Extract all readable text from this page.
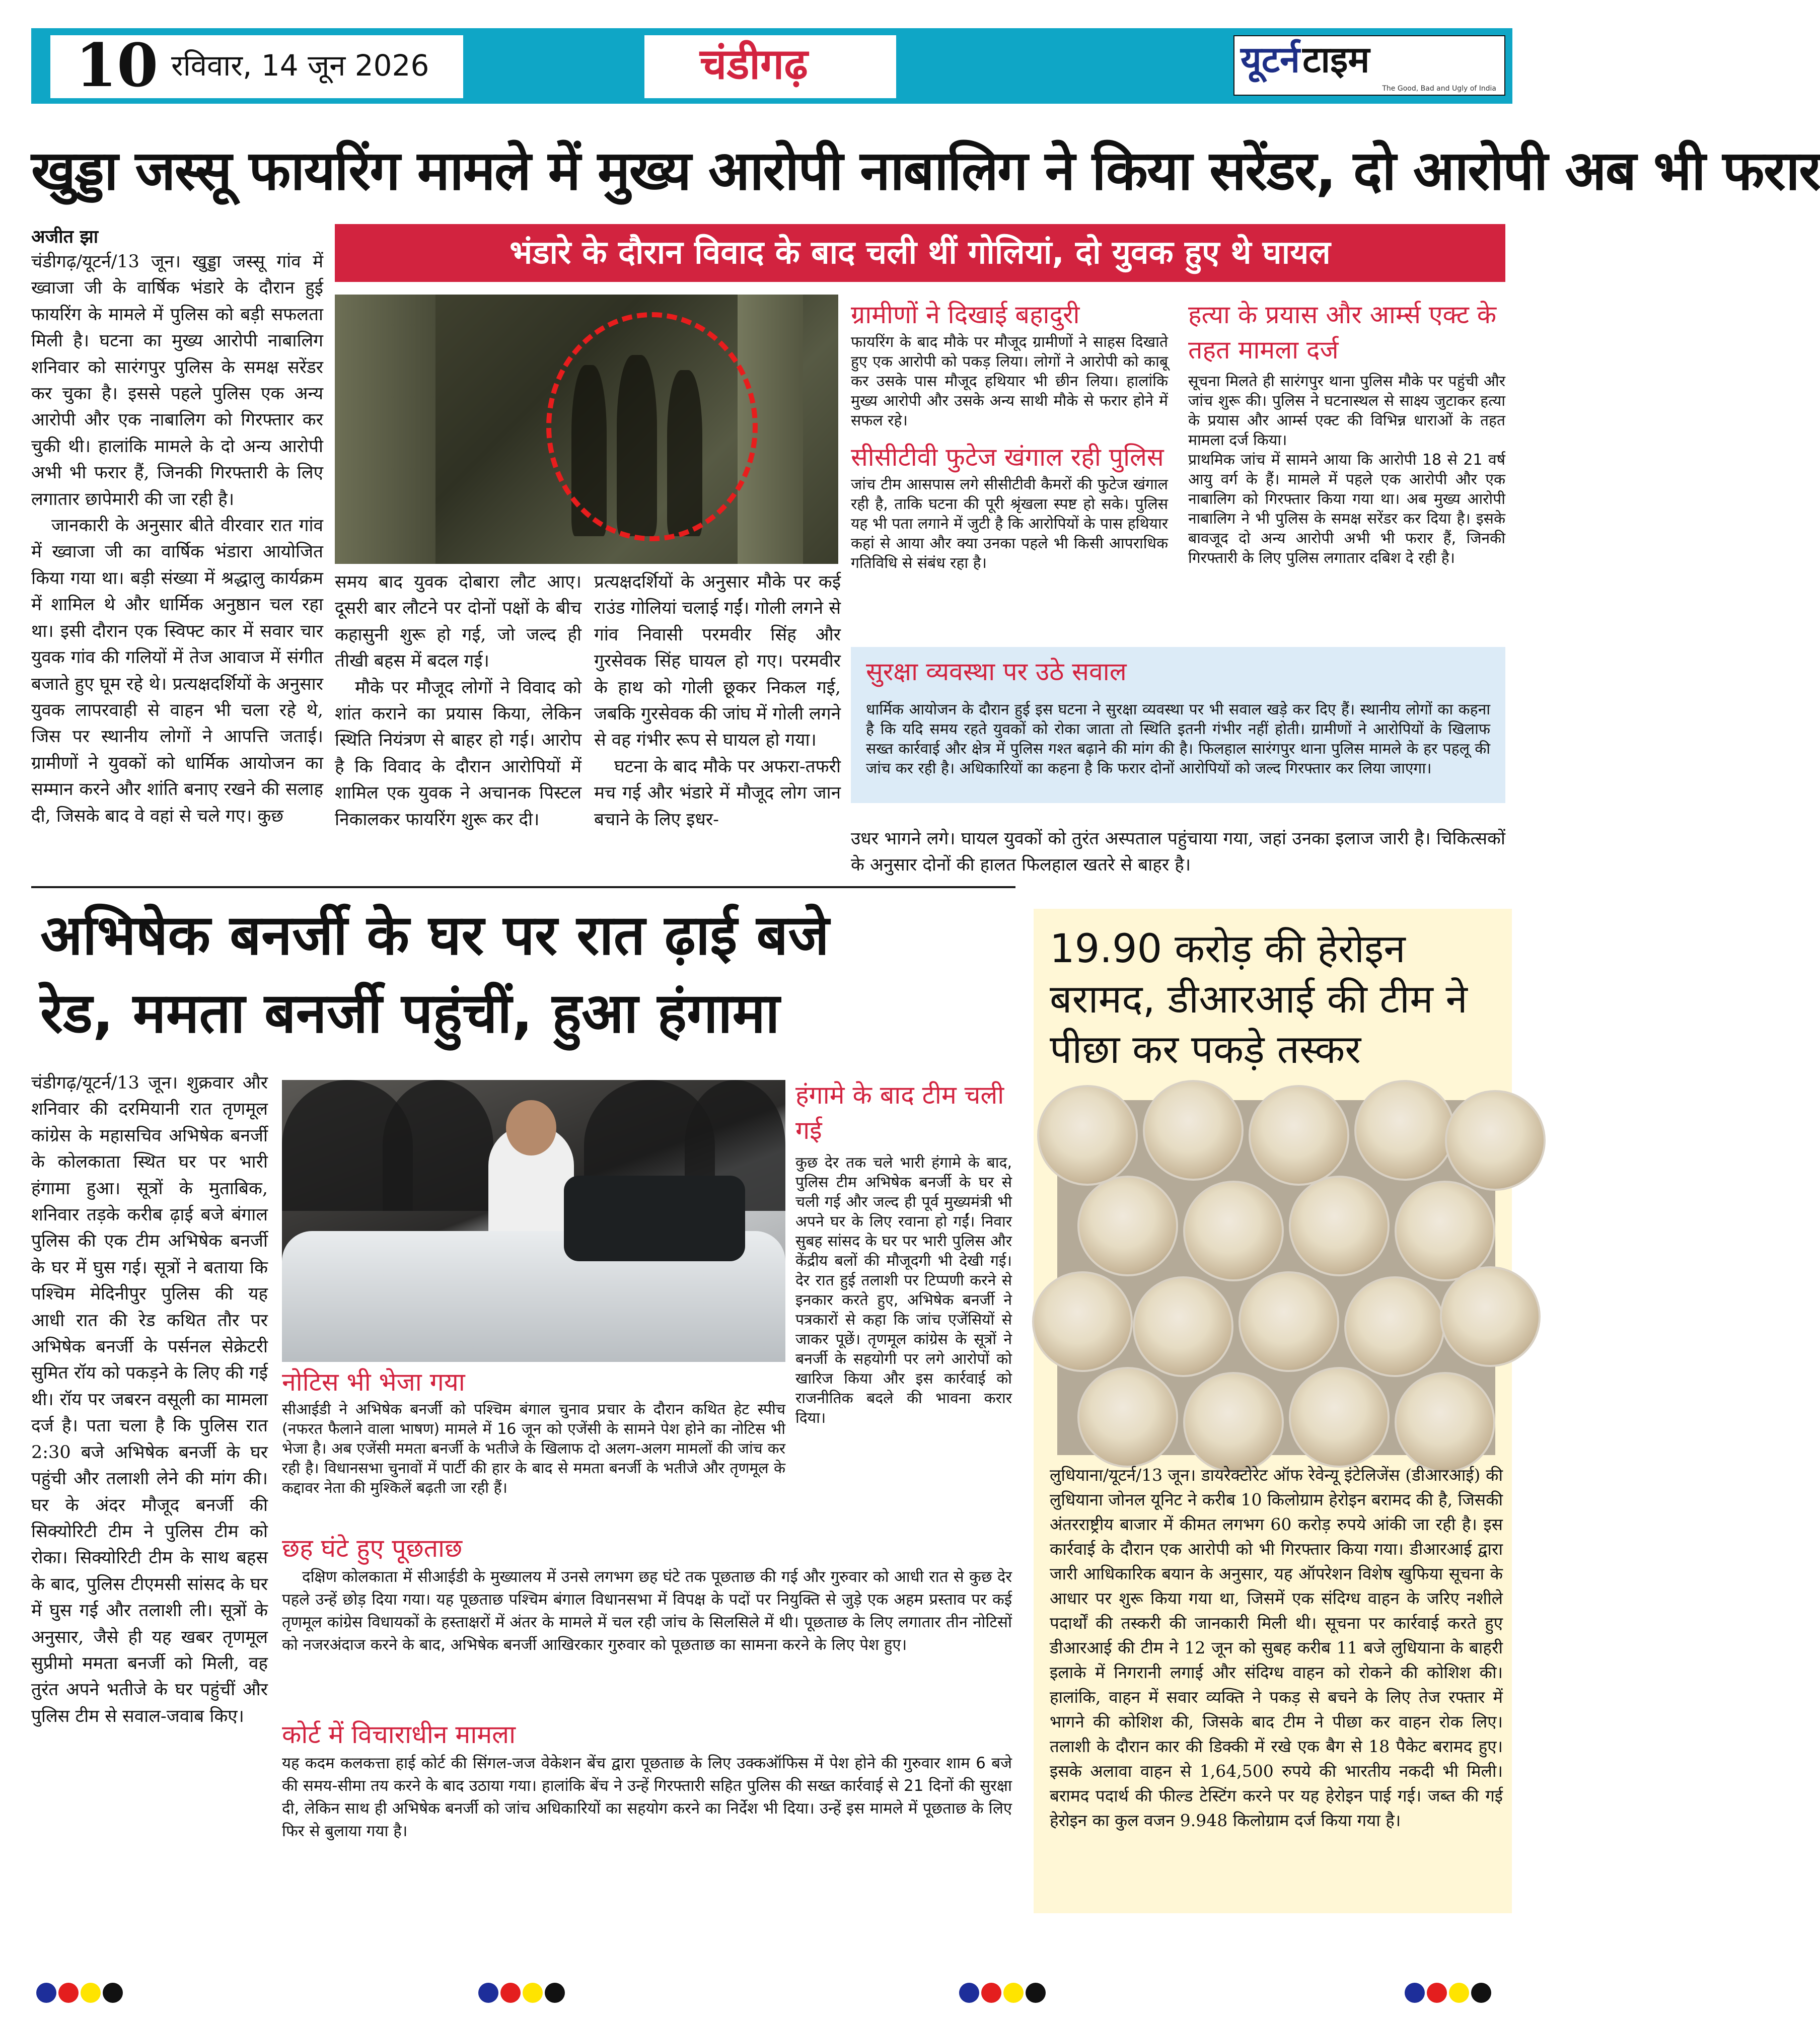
10 रविवार, 14 जून 2026	चंडीगढ़	यूटर्न टाइम
The Good, Bad and Ugly of India
खुड्डा जस्सू फायरिंग मामले में मुख्य आरोपी नाबालिग ने किया सरेंडर, दो आरोपी अब भी फरार
अजीत झा

चंडीगढ़/यूटर्न/13 जून। खुड्डा जस्सू गांव में ख्वाजा जी के वार्षिक भंडारे के दौरान हुई फायरिंग के मामले में पुलिस को बड़ी सफलता मिली है। घटना का मुख्य आरोपी नाबालिग शनिवार को सारंगपुर पुलिस के समक्ष सरेंडर कर चुका है। इससे पहले पुलिस एक अन्य आरोपी और एक नाबालिग को गिरफ्तार कर चुकी थी। हालांकि मामले के दो अन्य आरोपी अभी भी फरार हैं, जिनकी गिरफ्तारी के लिए लगातार छापेमारी की जा रही है।

जानकारी के अनुसार बीते वीरवार रात गांव में ख्वाजा जी का वार्षिक भंडारा आयोजित किया गया था। बड़ी संख्या में श्रद्धालु कार्यक्रम में शामिल थे और धार्मिक अनुष्ठान चल रहा था। इसी दौरान एक स्विफ्ट कार में सवार चार युवक गांव की गलियों में तेज आवाज में संगीत बजाते हुए घूम रहे थे। प्रत्यक्षदर्शियों के अनुसार युवक लापरवाही से वाहन भी चला रहे थे, जिस पर स्थानीय लोगों ने आपत्ति जताई। ग्रामीणों ने युवकों को धार्मिक आयोजन का सम्मान करने और शांति बनाए रखने की सलाह दी, जिसके बाद वे वहां से चले गए। कुछ

भंडारे के दौरान विवाद के बाद चली थीं गोलियां, दो युवक हुए थे घायल

समय बाद युवक दोबारा लौट आए। दूसरी बार लौटने पर दोनों पक्षों के बीच कहासुनी शुरू हो गई, जो जल्द ही तीखी बहस में बदल गई।

मौके पर मौजूद लोगों ने विवाद को शांत कराने का प्रयास किया, लेकिन स्थिति नियंत्रण से बाहर हो गई। आरोप है कि विवाद के दौरान आरोपियों में शामिल एक युवक ने अचानक पिस्टल निकालकर फायरिंग शुरू कर दी।

प्रत्यक्षदर्शियों के अनुसार मौके पर कई राउंड गोलियां चलाई गईं। गोली लगने से गांव निवासी परमवीर सिंह और गुरसेवक सिंह घायल हो गए। परमवीर के हाथ को गोली छूकर निकल गई, जबकि गुरसेवक की जांघ में गोली लगने से वह गंभीर रूप से घायल हो गया।

घटना के बाद मौके पर अफरा-तफरी मच गई और भंडारे में मौजूद लोग जान बचाने के लिए इधर-

ग्रामीणों ने दिखाई बहादुरी

फायरिंग के बाद मौके पर मौजूद ग्रामीणों ने साहस दिखाते हुए एक आरोपी को पकड़ लिया। लोगों ने आरोपी को काबू कर उसके पास मौजूद हथियार भी छीन लिया। हालांकि मुख्य आरोपी और उसके अन्य साथी मौके से फरार होने में सफल रहे।

सीसीटीवी फुटेज खंगाल रही पुलिस

जांच टीम आसपास लगे सीसीटीवी कैमरों की फुटेज खंगाल रही है, ताकि घटना की पूरी श्रृंखला स्पष्ट हो सके। पुलिस यह भी पता लगाने में जुटी है कि आरोपियों के पास हथियार कहां से आया और क्या उनका पहले भी किसी आपराधिक गतिविधि से संबंध रहा है।

हत्या के प्रयास और आर्म्स एक्ट के तहत मामला दर्ज

सूचना मिलते ही सारंगपुर थाना पुलिस मौके पर पहुंची और जांच शुरू की। पुलिस ने घटनास्थल से साक्ष्य जुटाकर हत्या के प्रयास और आर्म्स एक्ट की विभिन्न धाराओं के तहत मामला दर्ज किया।

प्राथमिक जांच में सामने आया कि आरोपी 18 से 21 वर्ष आयु वर्ग के हैं। मामले में पहले एक आरोपी और एक नाबालिग को गिरफ्तार किया गया था। अब मुख्य आरोपी नाबालिग ने भी पुलिस के समक्ष सरेंडर कर दिया है। इसके बावजूद दो अन्य आरोपी अभी भी फरार हैं, जिनकी गिरफ्तारी के लिए पुलिस लगातार दबिश दे रही है।

सुरक्षा व्यवस्था पर उठे सवाल

धार्मिक आयोजन के दौरान हुई इस घटना ने सुरक्षा व्यवस्था पर भी सवाल खड़े कर दिए हैं। स्थानीय लोगों का कहना है कि यदि समय रहते युवकों को रोका जाता तो स्थिति इतनी गंभीर नहीं होती। ग्रामीणों ने आरोपियों के खिलाफ सख्त कार्रवाई और क्षेत्र में पुलिस गश्त बढ़ाने की मांग की है। फिलहाल सारंगपुर थाना पुलिस मामले के हर पहलू की जांच कर रही है। अधिकारियों का कहना है कि फरार दोनों आरोपियों को जल्द गिरफ्तार कर लिया जाएगा।

उधर भागने लगे। घायल युवकों को तुरंत अस्पताल पहुंचाया गया, जहां उनका इलाज जारी है। चिकित्सकों के अनुसार दोनों की हालत फिलहाल खतरे से बाहर है।

अभिषेक बनर्जी के घर पर रात ढ़ाई बजे
रेड, ममता बनर्जी पहुंचीं, हुआ हंगामा

चंडीगढ़/यूटर्न/13 जून। शुक्रवार और शनिवार की दरमियानी रात तृणमूल कांग्रेस के महासचिव अभिषेक बनर्जी के कोलकाता स्थित घर पर भारी हंगामा हुआ। सूत्रों के मुताबिक, शनिवार तड़के करीब ढ़ाई बजे बंगाल पुलिस की एक टीम अभिषेक बनर्जी के घर में घुस गई। सूत्रों ने बताया कि पश्चिम मेदिनीपुर पुलिस की यह आधी रात की रेड कथित तौर पर अभिषेक बनर्जी के पर्सनल सेक्रेटरी सुमित रॉय को पकड़ने के लिए की गई थी। रॉय पर जबरन वसूली का मामला दर्ज है। पता चला है कि पुलिस रात 2:30 बजे अभिषेक बनर्जी के घर पहुंची और तलाशी लेने की मांग की। घर के अंदर मौजूद बनर्जी की सिक्योरिटी टीम ने पुलिस टीम को रोका। सिक्योरिटी टीम के साथ बहस के बाद, पुलिस टीएमसी सांसद के घर में घुस गई और तलाशी ली। सूत्रों के अनुसार, जैसे ही यह खबर तृणमूल सुप्रीमो ममता बनर्जी को मिली, वह तुरंत अपने भतीजे के घर पहुंचीं और पुलिस टीम से सवाल-जवाब किए।

हंगामे के बाद टीम चली गई

कुछ देर तक चले भारी हंगामे के बाद, पुलिस टीम अभिषेक बनर्जी के घर से चली गई और जल्द ही पूर्व मुख्यमंत्री भी अपने घर के लिए रवाना हो गईं। निवार सुबह सांसद के घर पर भारी पुलिस और केंद्रीय बलों की मौजूदगी भी देखी गई। देर रात हुई तलाशी पर टिप्पणी करने से इनकार करते हुए, अभिषेक बनर्जी ने पत्रकारों से कहा कि जांच एजेंसियों से जाकर पूछें। तृणमूल कांग्रेस के सूत्रों ने बनर्जी के सहयोगी पर लगे आरोपों को खारिज किया और इस कार्रवाई को राजनीतिक बदले की भावना करार दिया।

नोटिस भी भेजा गया

सीआईडी ने अभिषेक बनर्जी को पश्चिम बंगाल चुनाव प्रचार के दौरान कथित हेट स्पीच (नफरत फैलाने वाला भाषण) मामले में 16 जून को एजेंसी के सामने पेश होने का नोटिस भी भेजा है। अब एजेंसी ममता बनर्जी के भतीजे के खिलाफ दो अलग-अलग मामलों की जांच कर रही है। विधानसभा चुनावों में पार्टी की हार के बाद से ममता बनर्जी के भतीजे और तृणमूल के कद्दावर नेता की मुश्किलें बढ़ती जा रही हैं।

छह घंटे हुए पूछताछ

दक्षिण कोलकाता में सीआईडी के मुख्यालय में उनसे लगभग छह घंटे तक पूछताछ की गई और गुरुवार को आधी रात से कुछ देर पहले उन्हें छोड़ दिया गया। यह पूछताछ पश्चिम बंगाल विधानसभा में विपक्ष के पदों पर नियुक्ति से जुड़े एक अहम प्रस्ताव पर कई तृणमूल कांग्रेस विधायकों के हस्ताक्षरों में अंतर के मामले में चल रही जांच के सिलसिले में थी। पूछताछ के लिए लगातार तीन नोटिसों को नजरअंदाज करने के बाद, अभिषेक बनर्जी आखिरकार गुरुवार को पूछताछ का सामना करने के लिए पेश हुए।

कोर्ट में विचाराधीन मामला

यह कदम कलकत्ता हाई कोर्ट की सिंगल-जज वेकेशन बेंच द्वारा पूछताछ के लिए उक्कऑफिस में पेश होने की गुरुवार शाम 6 बजे की समय-सीमा तय करने के बाद उठाया गया। हालांकि बेंच ने उन्हें गिरफ्तारी सहित पुलिस की सख्त कार्रवाई से 21 दिनों की सुरक्षा दी, लेकिन साथ ही अभिषेक बनर्जी को जांच अधिकारियों का सहयोग करने का निर्देश भी दिया। उन्हें इस मामले में पूछताछ के लिए फिर से बुलाया गया है।

19.90 करोड़ की हेरोइन बरामद, डीआरआई की टीम ने पीछा कर पकड़े तस्कर

लुधियाना/यूटर्न/13 जून। डायरेक्टोरेट ऑफ रेवेन्यू इंटेलिजेंस (डीआरआई) की लुधियाना जोनल यूनिट ने करीब 10 किलोग्राम हेरोइन बरामद की है, जिसकी अंतरराष्ट्रीय बाजार में कीमत लगभग 60 करोड़ रुपये आंकी जा रही है। इस कार्रवाई के दौरान एक आरोपी को भी गिरफ्तार किया गया। डीआरआई द्वारा जारी आधिकारिक बयान के अनुसार, यह ऑपरेशन विशेष खुफिया सूचना के आधार पर शुरू किया गया था, जिसमें एक संदिग्ध वाहन के जरिए नशीले पदार्थों की तस्करी की जानकारी मिली थी। सूचना पर कार्रवाई करते हुए डीआरआई की टीम ने 12 जून को सुबह करीब 11 बजे लुधियाना के बाहरी इलाके में निगरानी लगाई और संदिग्ध वाहन को रोकने की कोशिश की। हालांकि, वाहन में सवार व्यक्ति ने पकड़ से बचने के लिए तेज रफ्तार में भागने की कोशिश की, जिसके बाद टीम ने पीछा कर वाहन रोक लिए। तलाशी के दौरान कार की डिक्की में रखे एक बैग से 18 पैकेट बरामद हुए। इसके अलावा वाहन से 1,64,500 रुपये की भारतीय नकदी भी मिली। बरामद पदार्थ की फील्ड टेस्टिंग करने पर यह हेरोइन पाई गई। जब्त की गई हेरोइन का कुल वजन 9.948 किलोग्राम दर्ज किया गया है।
